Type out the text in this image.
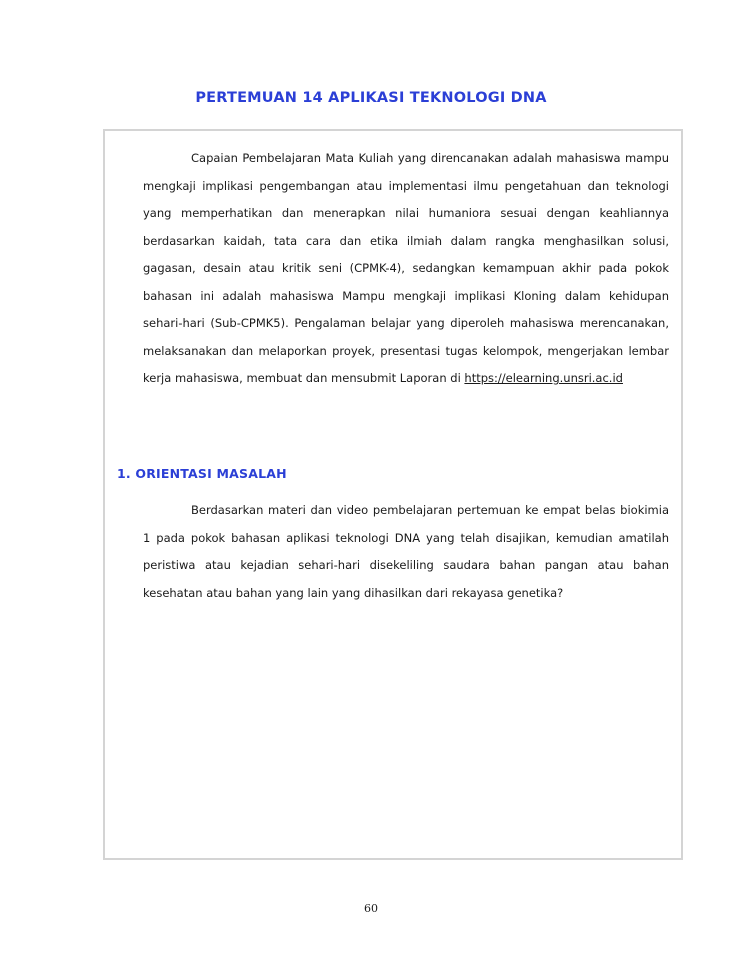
PERTEMUAN 14 APLIKASI TEKNOLOGI DNA

Capaian Pembelajaran Mata Kuliah yang direncanakan adalah mahasiswa mampu mengkaji implikasi pengembangan atau implementasi ilmu pengetahuan dan teknologi yang memperhatikan dan menerapkan nilai humaniora sesuai dengan keahliannya berdasarkan kaidah, tata cara dan etika ilmiah dalam rangka menghasilkan solusi, gagasan, desain atau kritik seni (CPMK-4), sedangkan kemampuan akhir pada pokok bahasan ini adalah mahasiswa Mampu mengkaji implikasi Kloning dalam kehidupan sehari-hari (Sub-CPMK5). Pengalaman belajar yang diperoleh mahasiswa merencanakan, melaksanakan dan melaporkan proyek, presentasi tugas kelompok, mengerjakan lembar kerja mahasiswa, membuat dan mensubmit Laporan di https://elearning.unsri.ac.id

1. ORIENTASI MASALAH

Berdasarkan materi dan video pembelajaran pertemuan ke empat belas biokimia 1 pada pokok bahasan aplikasi teknologi DNA yang telah disajikan, kemudian amatilah peristiwa atau kejadian sehari-hari disekeliling saudara bahan pangan atau bahan kesehatan atau bahan yang lain yang dihasilkan dari rekayasa genetika?

60
